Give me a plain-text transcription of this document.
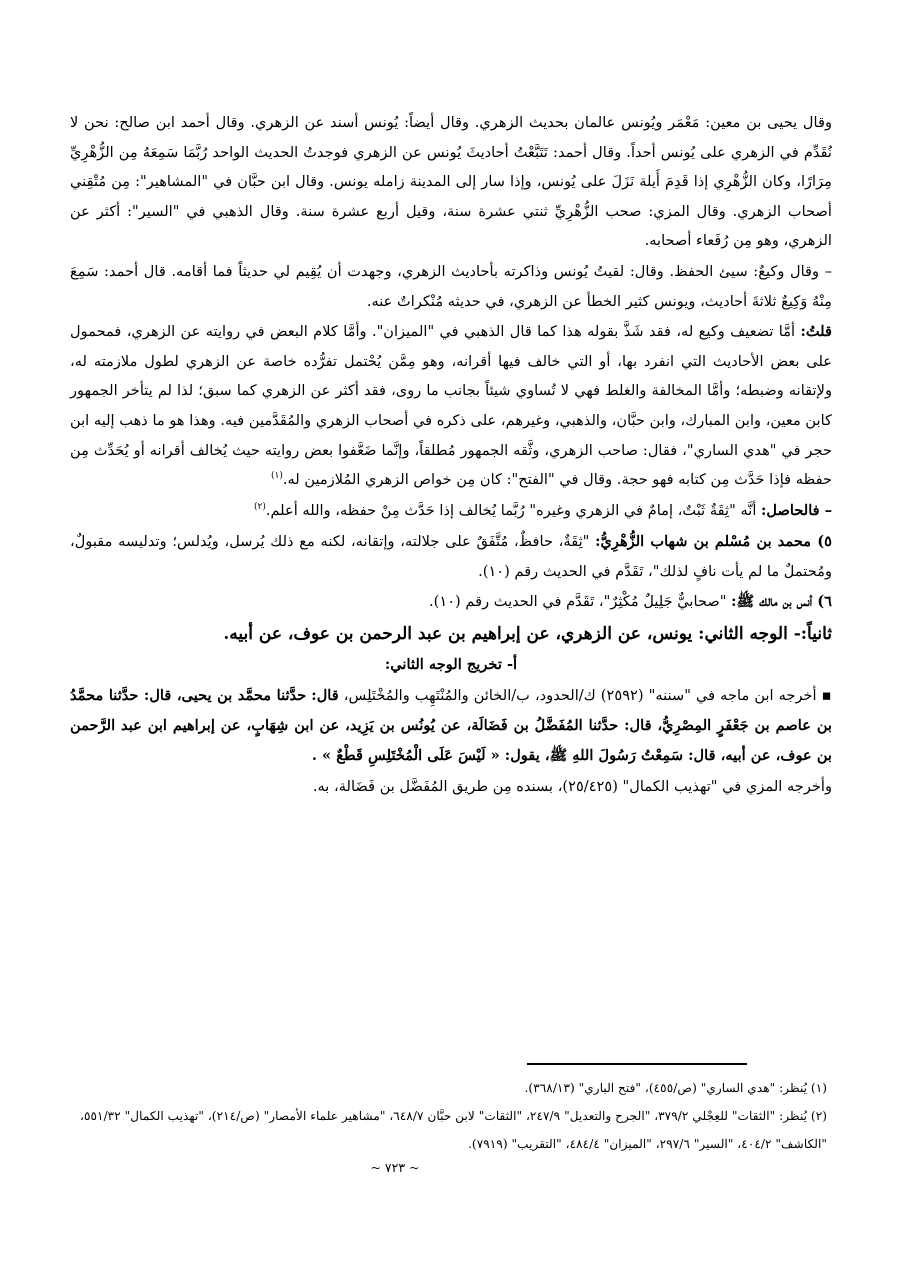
وقال يحيى بن معين: مَعْمَر ويُونس عالمان بحديث الزهري. وقال أيضاً: يُونس أسند عن الزهري. وقال أحمد ابن صالح: نحن لا نُقَدِّم في الزهري على يُونس أحداً. وقال أحمد: تَتَبَّعْتُ أحاديثَ يُونس عن الزهري فوجدتُ الحديث الواحد رُبَّمَا سَمِعَهُ مِن الزُّهْرِيِّ مِرَارًا، وكان الزُّهْرِي إذا قَدِمَ أَيلة نَزَلَ على يُونس، وإذا سار إلى المدينة زامله يونس. وقال ابن حبَّان في "المشاهير": مِن مُتْقِني أصحاب الزهري. وقال المزي: صحب الزُّهْرِيِّ ثنتي عشرة سنة، وقيل أربع عشرة سنة. وقال الذهبي في "السير": أكثر عن الزهري، وهو مِن رُفَعاء أصحابه.

– وقال وكيعٌ: سيئ الحفظ. وقال: لقيتُ يُونس وذاكرته بأحاديث الزهري، وجهدت أن يُقِيم لي حديثاً فما أقامه. قال أحمد: سَمِعَ مِنْهُ وَكِيعٌ ثلاثةَ أحاديث، ويونس كثير الخطأ عن الزهري، في حديثه مُنْكراتٌ عنه.

قلتُ: أمَّا تضعيف وكيع له، فقد شَذَّ بقوله هذا كما قال الذهبي في "الميزان". وأمَّا كلام البعض في روايته عن الزهري، فمحمول على بعض الأحاديث التي انفرد بها، أو التي خالف فيها أقرانه، وهو مِمَّن يُحْتمل تفرُّده خاصة عن الزهري لطول ملازمته له، ولإتقانه وضبطه؛ وأمَّا المخالفة والغلط فهي لا تُساوي شيئاً بجانب ما روى، فقد أكثر عن الزهري كما سبق؛ لذا لم يتأخر الجمهور كابن معين، وابن المبارك، وابن حبَّان، والذهبي، وغيرهم، على ذكره في أصحاب الزهري والمُقَدَّمين فيه. وهذا هو ما ذهب إليه ابن حجر في "هدي الساري"، فقال: صاحب الزهري، وثَّقه الجمهور مُطلقاً، وإنَّما ضَعَّفوا بعض روايته حيث يُخالف أقرانه أو يُحَدِّث مِن حفظه فإذا حَدَّث مِن كتابه فهو حجة. وقال في "الفتح": كان مِن خواص الزهري المُلازمين له.$^{(١)}$

– فالحاصل: أنَّه "ثِقَةٌ ثَبْتٌ، إمامٌ في الزهري وغيره" رُبَّما يُخالف إذا حَدَّث مِنْ حفظه، والله أعلم.$^{(٢)}$

٥) محمد بن مُسْلم بن شهاب الزُّهْرِيُّ: "ثِقَةٌ، حافظٌ، مُتَّفَقٌ على جلالته، وإتقانه، لكنه مع ذلك يُرسل، ويُدلس؛ وتدليسه مقبولٌ، ومُحتملٌ ما لم يأت نافٍ لذلك"، تَقَدَّم في الحديث رقم (١٠).

٦) أنس بن مالك ﷺ: "صحابيٌّ جَلِيلٌ مُكْثِرٌ"، تَقَدَّم في الحديث رقم (١٠).

ثانياً:- الوجه الثاني: يونس، عن الزهري، عن إبراهيم بن عبد الرحمن بن عوف، عن أبيه.

أ- تخريج الوجه الثاني:

▪ أخرجه ابن ماجه في "سننه" (٢٥٩٢) ك/الحدود، ب/الخائن والمُنْتَهِب والمُخْتَلِس، قال: حدَّثنا محمَّد بن يحيى، قال: حدَّثنا محمَّدُ بن عاصم بن جَعْفَرٍ المِصْرِيُّ، قال: حدَّثنا المُفَضَّلُ بن فَضَالَة، عن يُونُس بن يَزِيد، عن ابن شِهَابٍ، عن إبراهيم ابن عبد الرَّحمن بن عوف، عن أبيه، قال: سَمِعْتُ رَسُولَ اللهِ ﷺ، يقول: « لَيْسَ عَلَى الْمُخْتَلِسِ قَطْعٌ » .

وأخرجه المزي في "تهذيب الكمال" (٢٥/٤٢٥)، بسنده مِن طريق المُفَضَّل بن فَضَالة، به.

(١) يُنظر: "هدي الساري" (ص/٤٥٥)، "فتح الباري" (٣٦٨/١٣).

(٢) يُنظر: "الثقات" للعِجْلي ٣٧٩/٢، "الجرح والتعديل" ٢٤٧/٩، "الثقات" لابن حبَّان ٦٤٨/٧، "مشاهير علماء الأمصار" (ص/٢١٤)، "تهذيب الكمال" ٥٥١/٣٢، "الكاشف" ٤٠٤/٢، "السير" ٢٩٧/٦، "الميزان" ٤٨٤/٤، "التقريب" (٧٩١٩).

~ ٧٢٣ ~
